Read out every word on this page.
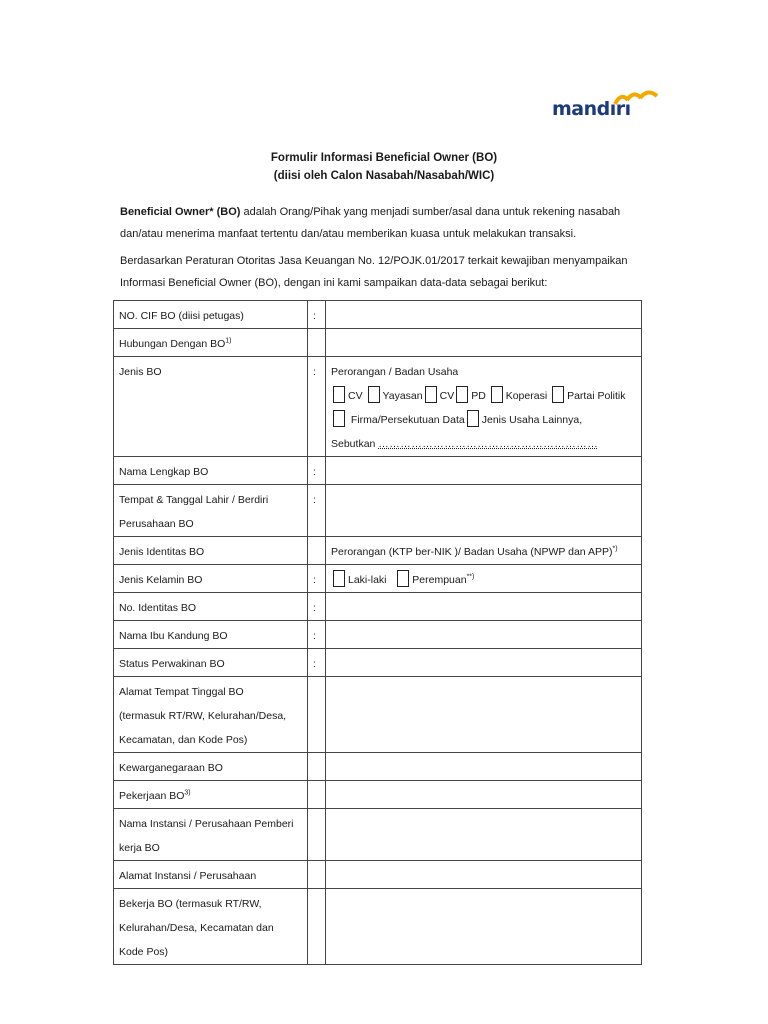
mandırı
Formulir Informasi Beneficial Owner (BO)
(diisi oleh Calon Nasabah/Nasabah/WIC)
Beneficial Owner* (BO) adalah Orang/Pihak yang menjadi sumber/asal dana untuk rekening nasabah dan/atau menerima manfaat tertentu dan/atau memberikan kuasa untuk melakukan transaksi.
Berdasarkan Peraturan Otoritas Jasa Keuangan No. 12/POJK.01/2017 terkait kewajiban menyampaikan Informasi Beneficial Owner (BO), dengan ini kami sampaikan data-data sebagai berikut:
NO. CIF BO (diisi petugas)	:	
Hubungan Dengan BO$^{1)}$		
Jenis BO	:	Perorangan / Badan Usaha
CV Yayasan CV PD Koperasi Partai Politik
Firma/Persekutuan Data Jenis Usaha Lainnya,
Sebutkan ……………………………………………………

Nama Lengkap BO	:	

Tempat & Tanggal Lahir / Berdiri
Perusahaan BO	:	
Jenis Identitas BO		Perorangan (KTP ber-NIK )/ Badan Usaha (NPWP dan APP)*)
Jenis Kelamin BO	:	Laki-laki Perempuan**)
No. Identitas BO	:	
Nama Ibu Kandung BO	:	
Status Perwakinan BO	:	

Alamat Tempat Tinggal BO
(termasuk RT/RW, Kelurahan/Desa,
Kecamatan, dan Kode Pos)		

Kewarganegaraan BO		
Pekerjaan BO$^{3)}$		

Nama Instansi / Perusahaan Pemberi
kerja BO		

Alamat Instansi / Perusahaan		

Bekerja BO (termasuk RT/RW,
Kelurahan/Desa, Kecamatan dan
Kode Pos)		
